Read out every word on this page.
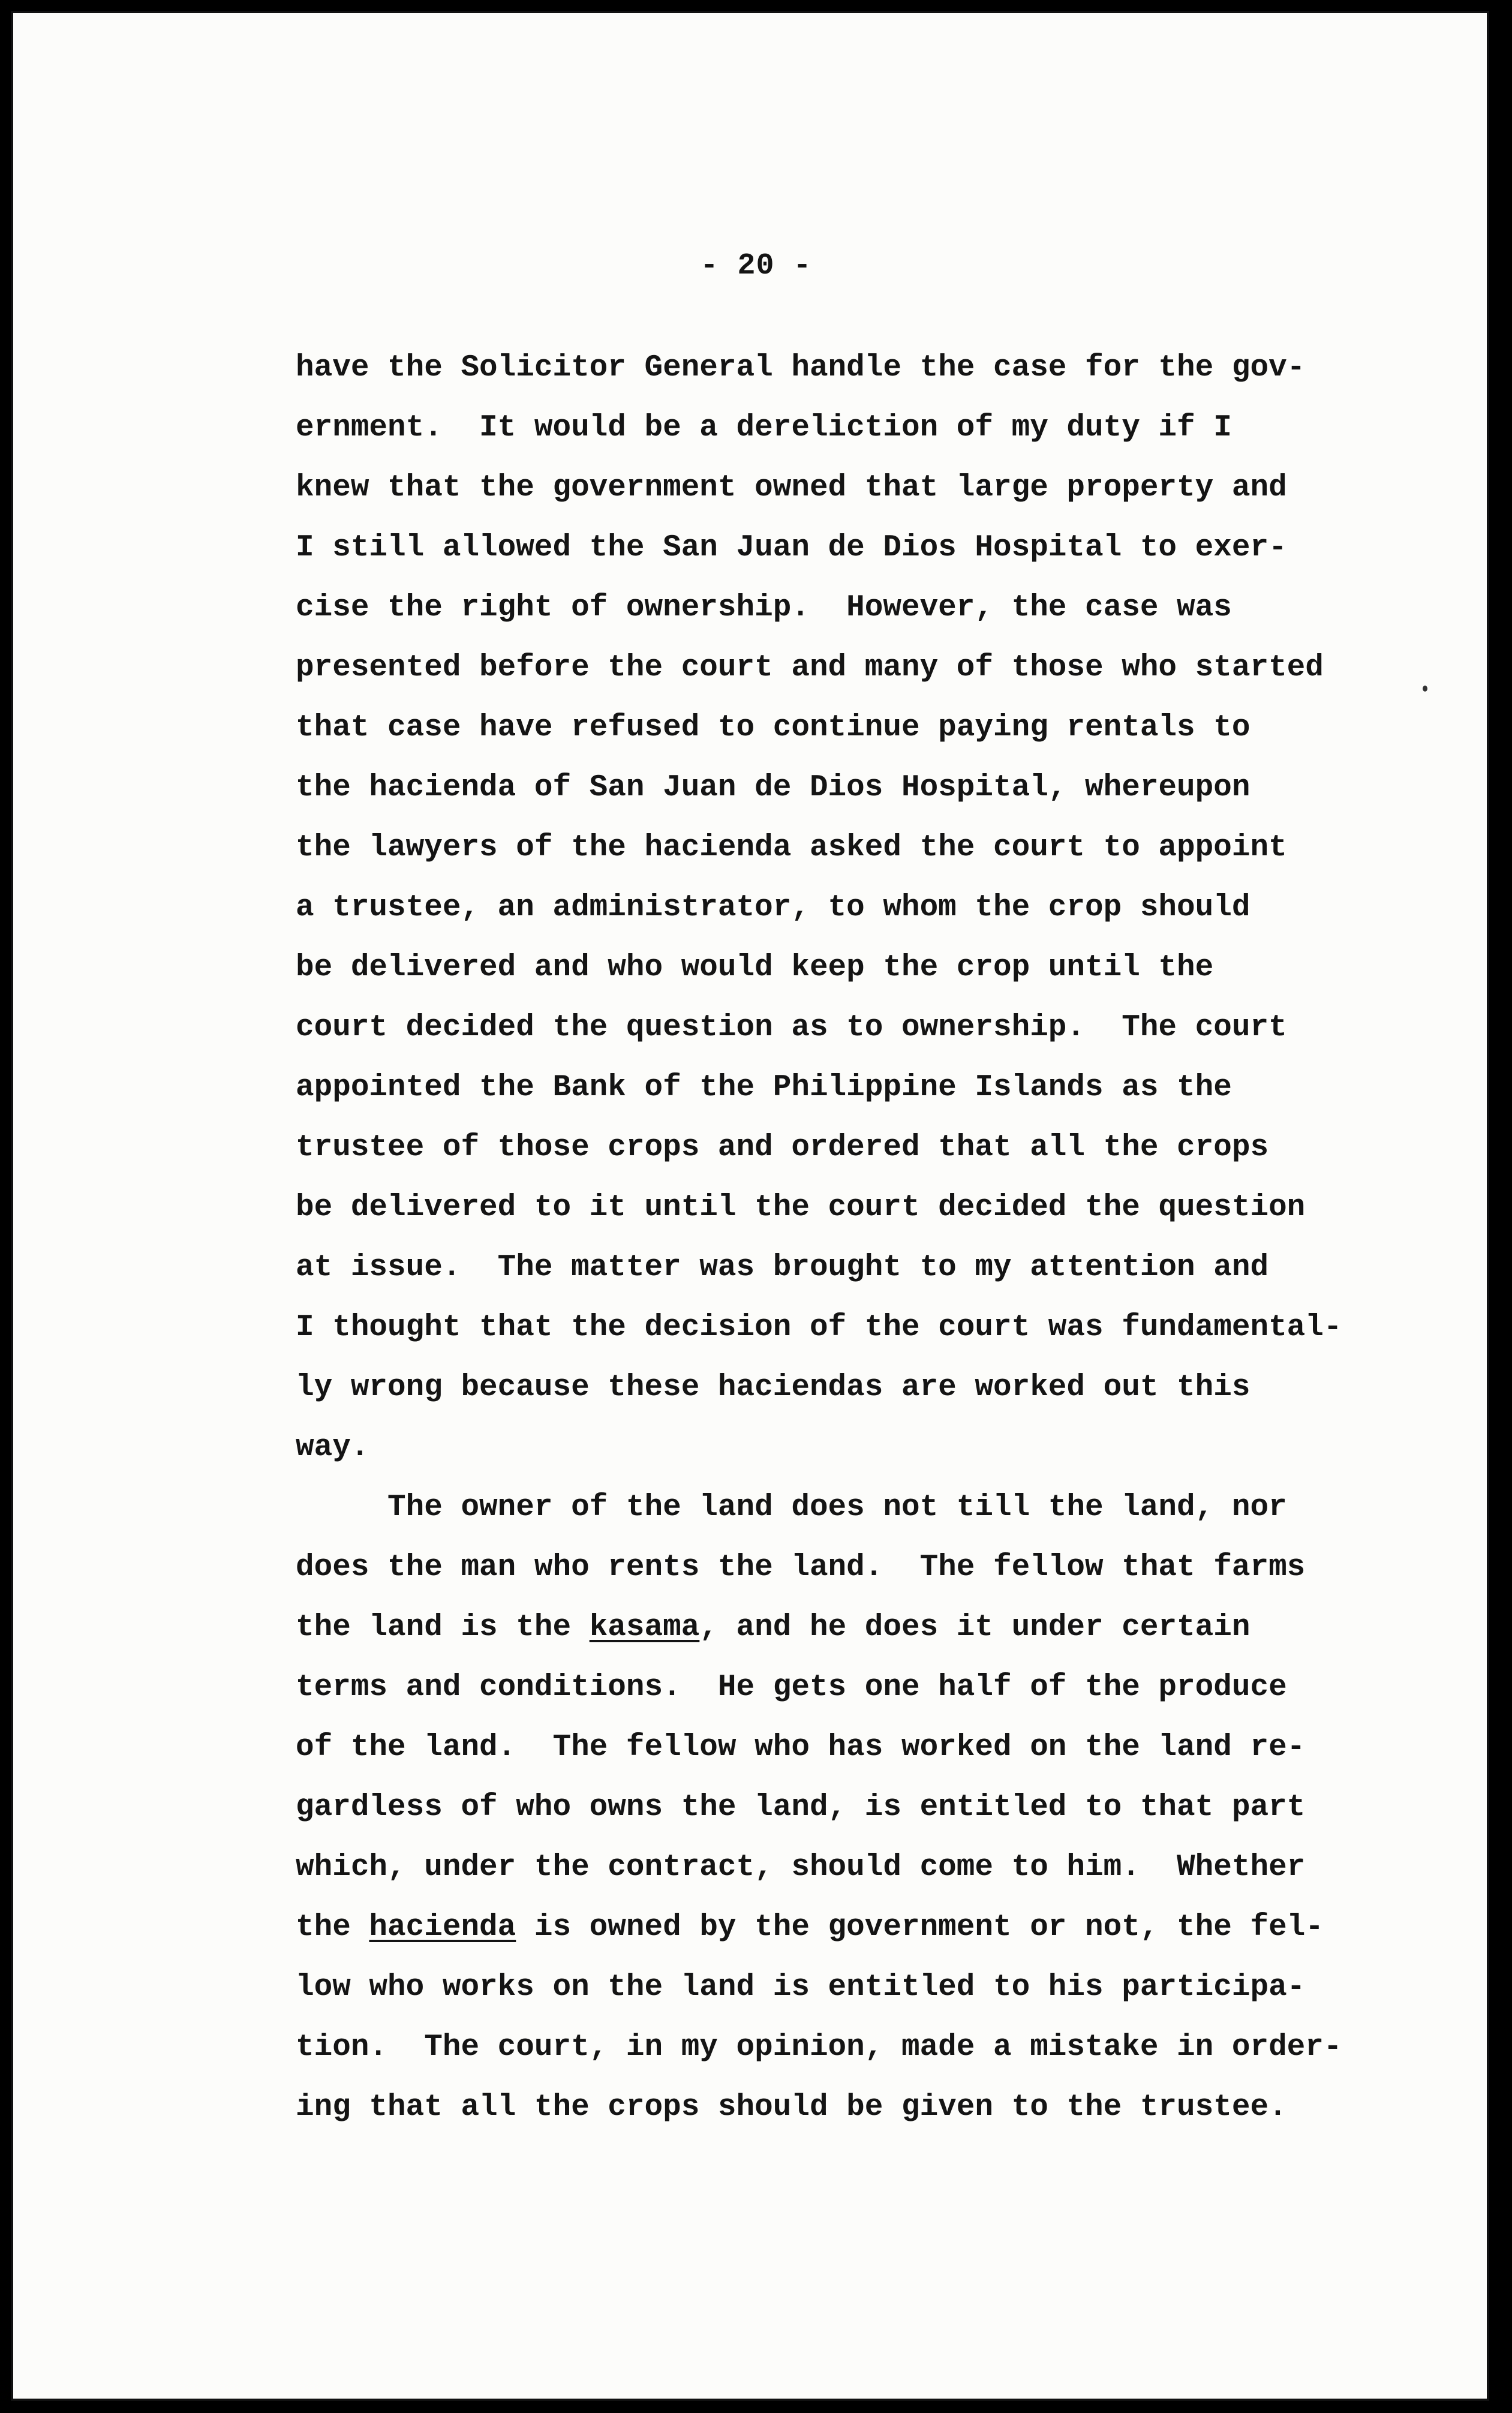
- 20 -

have the Solicitor General handle the case for the gov-

ernment.  It would be a dereliction of my duty if I

knew that the government owned that large property and

I still allowed the San Juan de Dios Hospital to exer-

cise the right of ownership.  However, the case was

presented before the court and many of those who started

that case have refused to continue paying rentals to

the hacienda of San Juan de Dios Hospital, whereupon

the lawyers of the hacienda asked the court to appoint

a trustee, an administrator, to whom the crop should

be delivered and who would keep the crop until the

court decided the question as to ownership.  The court

appointed the Bank of the Philippine Islands as the

trustee of those crops and ordered that all the crops

be delivered to it until the court decided the question

at issue.  The matter was brought to my attention and

I thought that the decision of the court was fundamental-

ly wrong because these haciendas are worked out this

way.

The owner of the land does not till the land, nor

does the man who rents the land.  The fellow that farms

the land is the kasama, and he does it under certain

terms and conditions.  He gets one half of the produce

of the land.  The fellow who has worked on the land re-

gardless of who owns the land, is entitled to that part

which, under the contract, should come to him.  Whether

the hacienda is owned by the government or not, the fel-

low who works on the land is entitled to his participa-

tion.  The court, in my opinion, made a mistake in order-

ing that all the crops should be given to the trustee.
